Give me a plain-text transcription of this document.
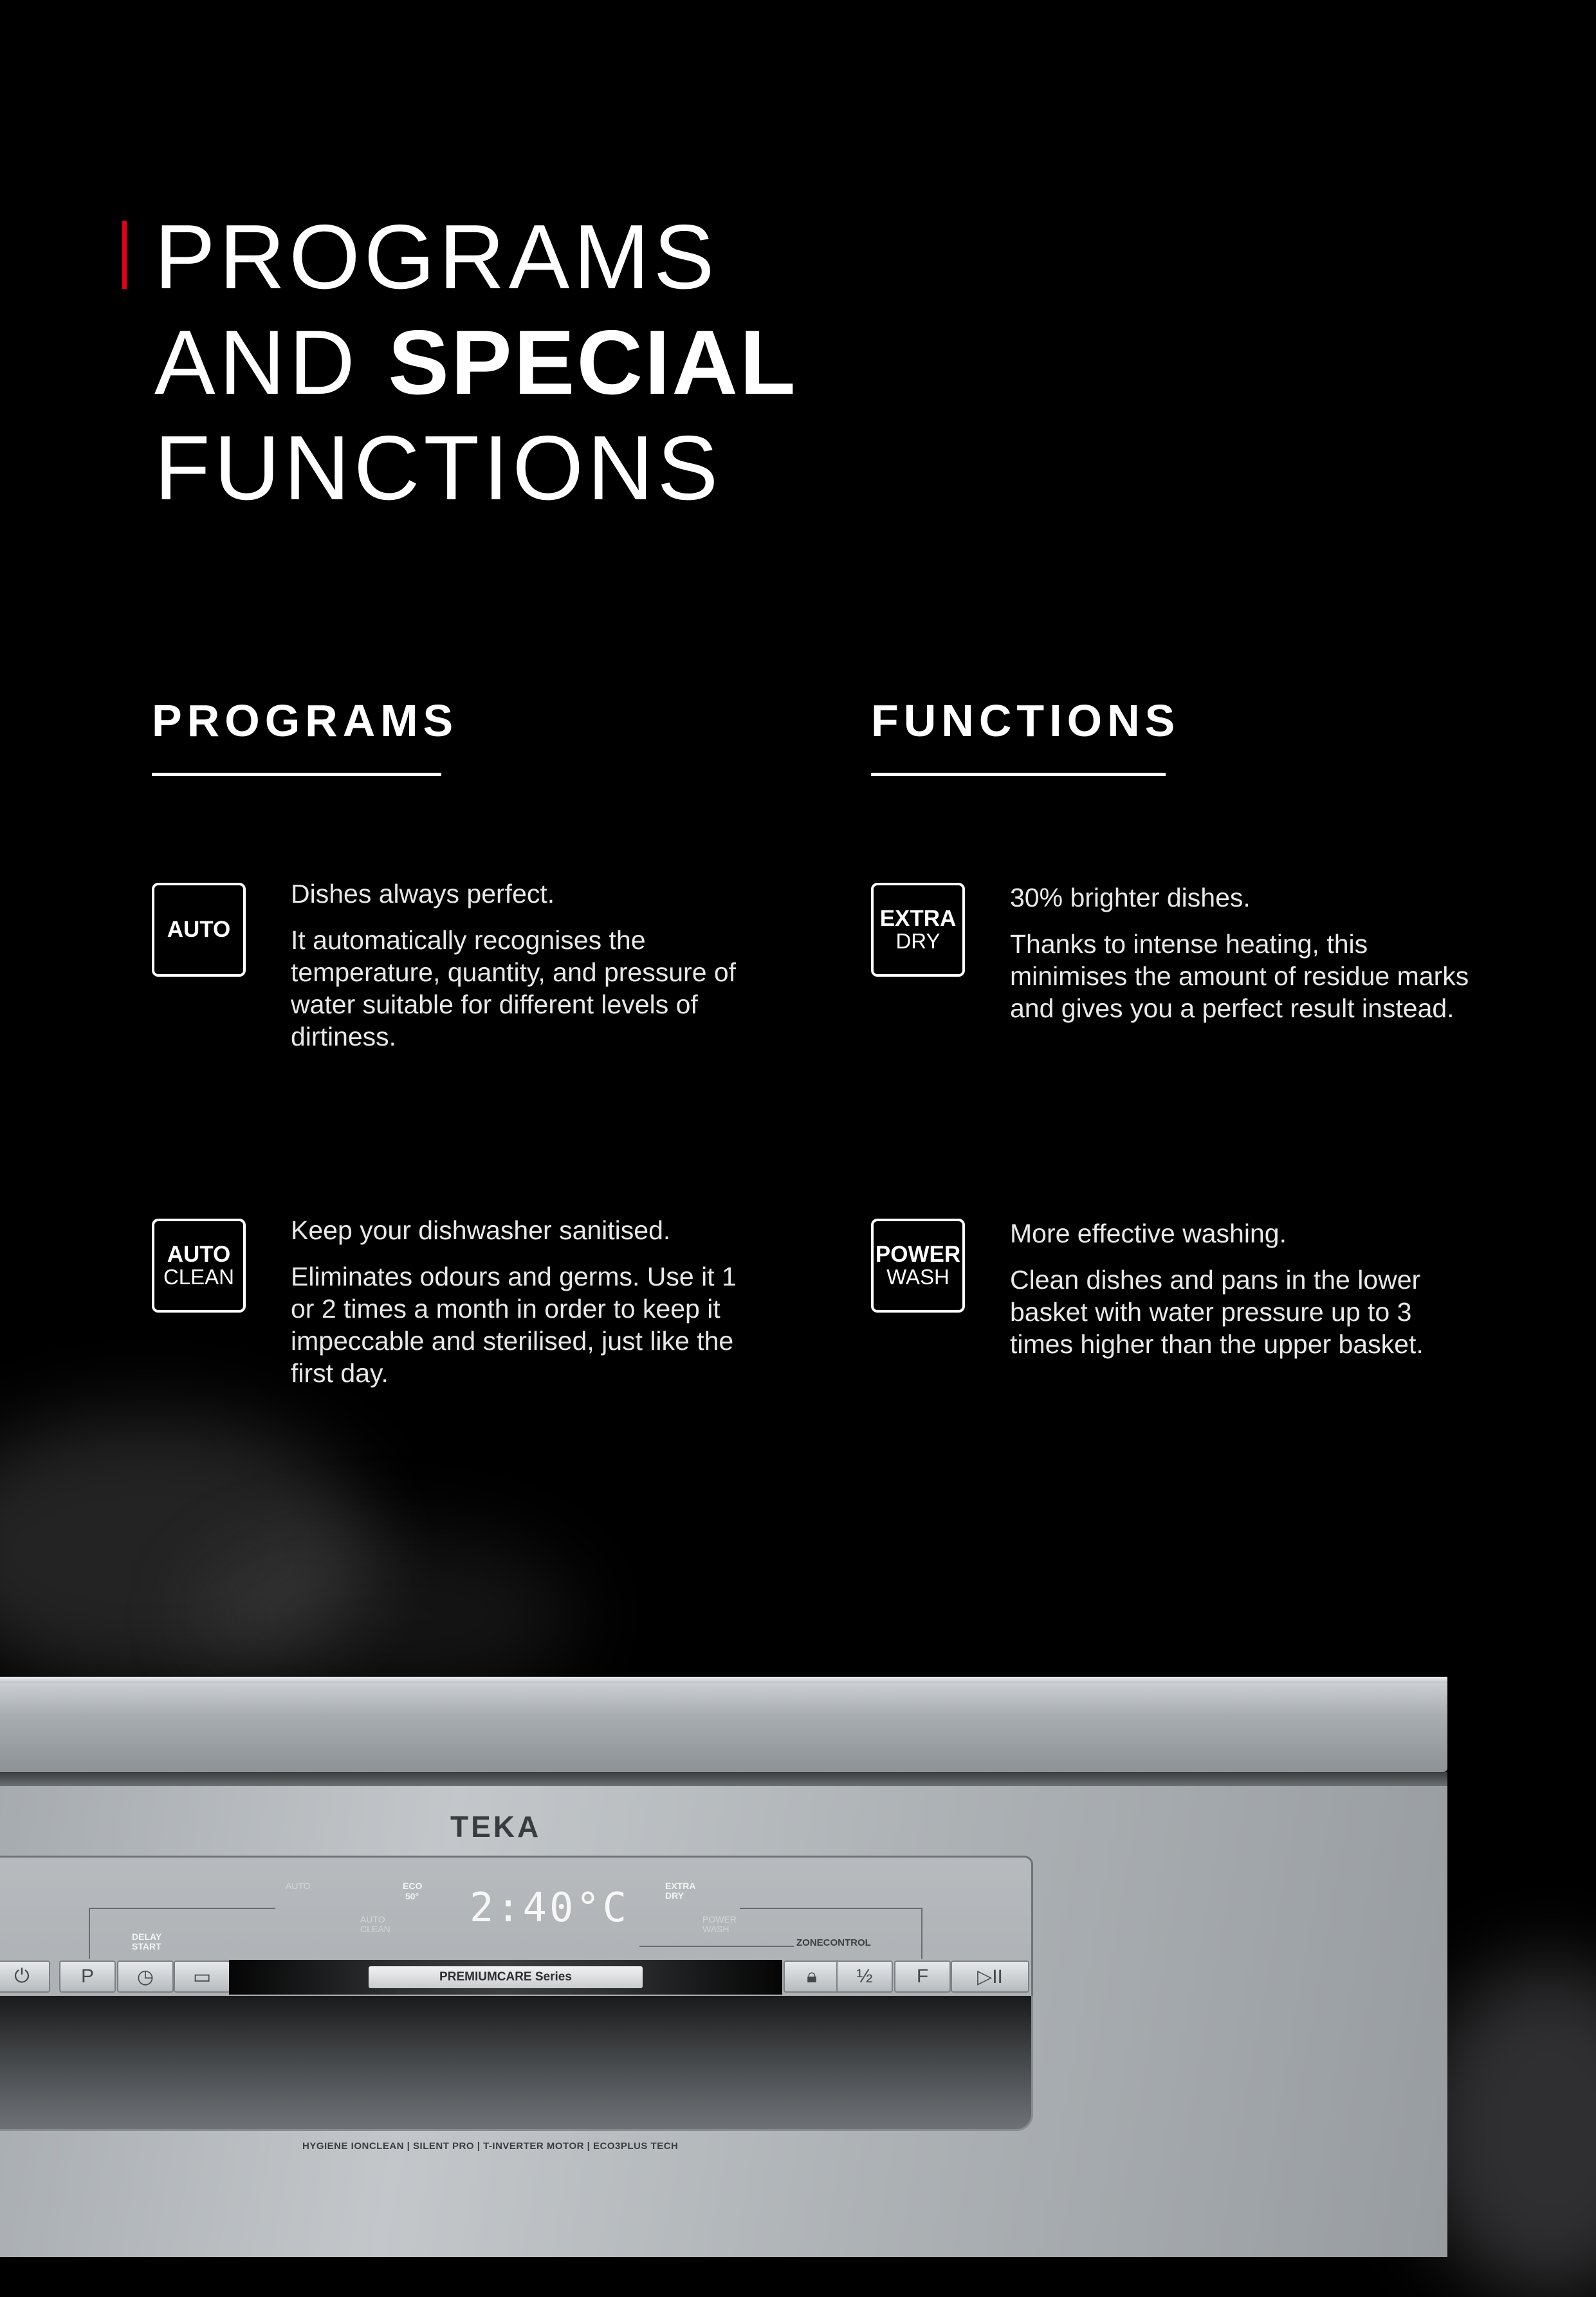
PROGRAMS
AND SPECIAL
FUNCTIONS
PROGRAMS
AUTO

Dishes always perfect.

It automatically recognises the temperature, quantity, and pressure of water suitable for different levels of dirtiness.

AUTO
CLEAN

Keep your dishwasher sanitised.

Eliminates odours and germs. Use it 1 or 2 times a month in order to keep it impeccable and sterilised, just like the first day.

FUNCTIONS
EXTRA
DRY

30% brighter dishes.

Thanks to intense heating, this minimises the amount of residue marks and gives you a perfect result instead.

POWER
WASH

More effective washing.

Clean dishes and pans in the lower basket with water pressure up to 3 times higher than the upper basket.

TEKA
AUTO	ECO
50°
AUTO CLEAN
DELAY START
EXTRA DRY
POWER WASH
2:40°C
ZONECONTROL
⏻	P ◷ ▭	PREMIUMCARE Series	🔒︎ ½ F	▷II
HYGIENE IONCLEAN | SILENT PRO | T-INVERTER MOTOR | ECO3PLUS TECH
